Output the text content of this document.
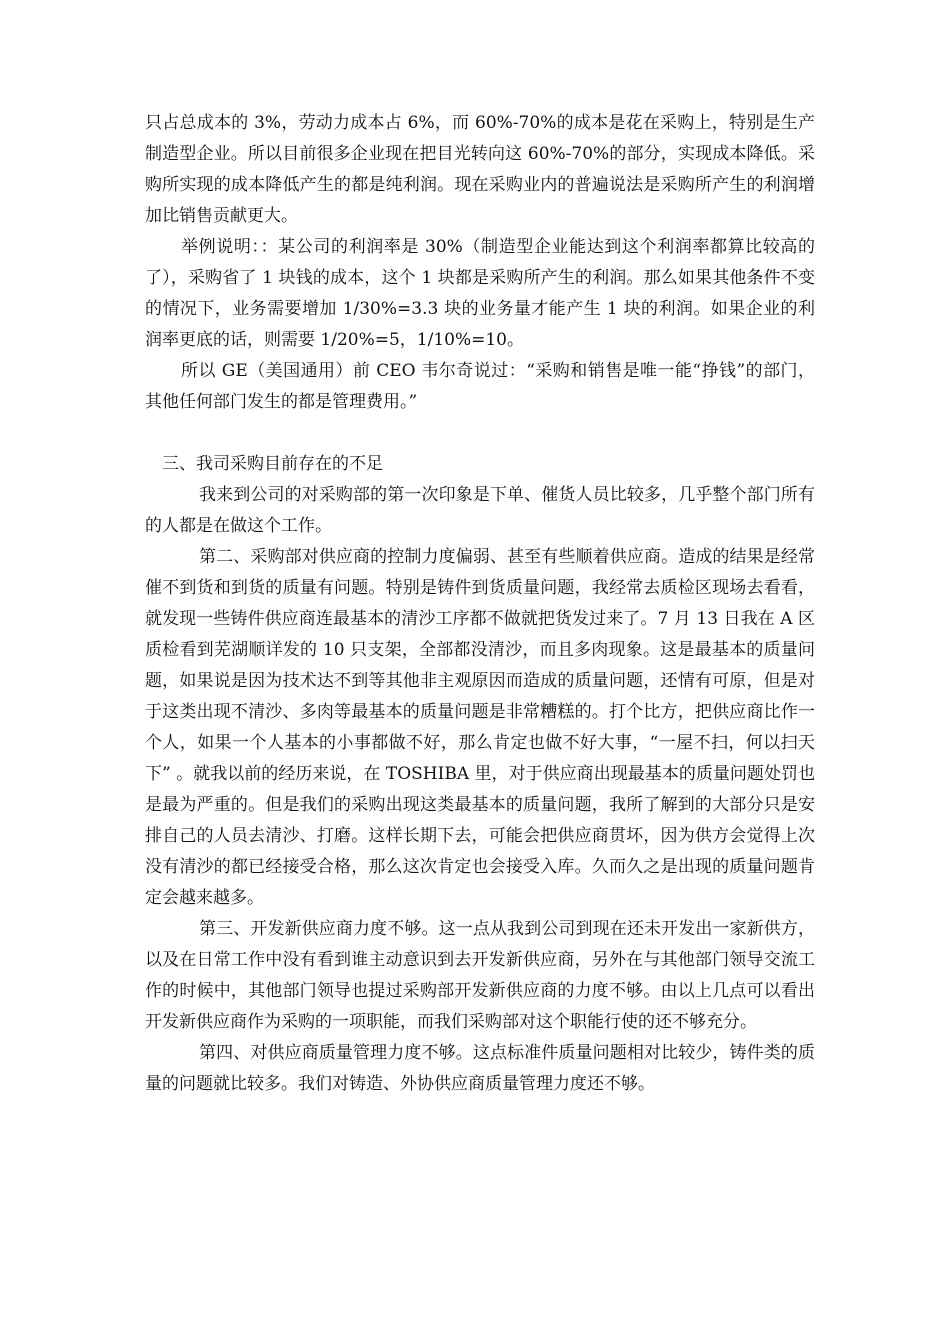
只占总成本的 3%，劳动力成本占 6%，而 60%-70%的成本是花在采购上，特别是生产制造型企业。所以目前很多企业现在把目光转向这 60%-70%的部分，实现成本降低。采购所实现的成本降低产生的都是纯利润。现在采购业内的普遍说法是采购所产生的利润增加比销售贡献更大。

举例说明：：某公司的利润率是 30%（制造型企业能达到这个利润率都算比较高的了），采购省了 1 块钱的成本，这个 1 块都是采购所产生的利润。那么如果其他条件不变的情况下，业务需要增加 1/30%=3.3 块的业务量才能产生 1 块的利润。如果企业的利润率更底的话，则需要 1/20%=5，1/10%=10。

所以 GE（美国通用）前 CEO 韦尔奇说过：“采购和销售是唯一能“挣钱”的部门，其他任何部门发生的都是管理费用。”

三、我司采购目前存在的不足

我来到公司的对采购部的第一次印象是下单、催货人员比较多，几乎整个部门所有的人都是在做这个工作。

第二、采购部对供应商的控制力度偏弱、甚至有些顺着供应商。造成的结果是经常催不到货和到货的质量有问题。特别是铸件到货质量问题，我经常去质检区现场去看看，就发现一些铸件供应商连最基本的清沙工序都不做就把货发过来了。7 月 13 日我在 A 区质检看到芜湖顺详发的 10 只支架，全部都没清沙，而且多肉现象。这是最基本的质量问题，如果说是因为技术达不到等其他非主观原因而造成的质量问题，还情有可原，但是对于这类出现不清沙、多肉等最基本的质量问题是非常糟糕的。打个比方，把供应商比作一个人，如果一个人基本的小事都做不好，那么肯定也做不好大事，“一屋不扫，何以扫天下” 。就我以前的经历来说，在 TOSHIBA 里，对于供应商出现最基本的质量问题处罚也是最为严重的。但是我们的采购出现这类最基本的质量问题，我所了解到的大部分只是安排自己的人员去清沙、打磨。这样长期下去，可能会把供应商贯坏，因为供方会觉得上次没有清沙的都已经接受合格，那么这次肯定也会接受入库。久而久之是出现的质量问题肯定会越来越多。

第三、开发新供应商力度不够。这一点从我到公司到现在还未开发出一家新供方，以及在日常工作中没有看到谁主动意识到去开发新供应商，另外在与其他部门领导交流工作的时候中，其他部门领导也提过采购部开发新供应商的力度不够。由以上几点可以看出开发新供应商作为采购的一项职能，而我们采购部对这个职能行使的还不够充分。

第四、对供应商质量管理力度不够。这点标准件质量问题相对比较少，铸件类的质量的问题就比较多。我们对铸造、外协供应商质量管理力度还不够。
